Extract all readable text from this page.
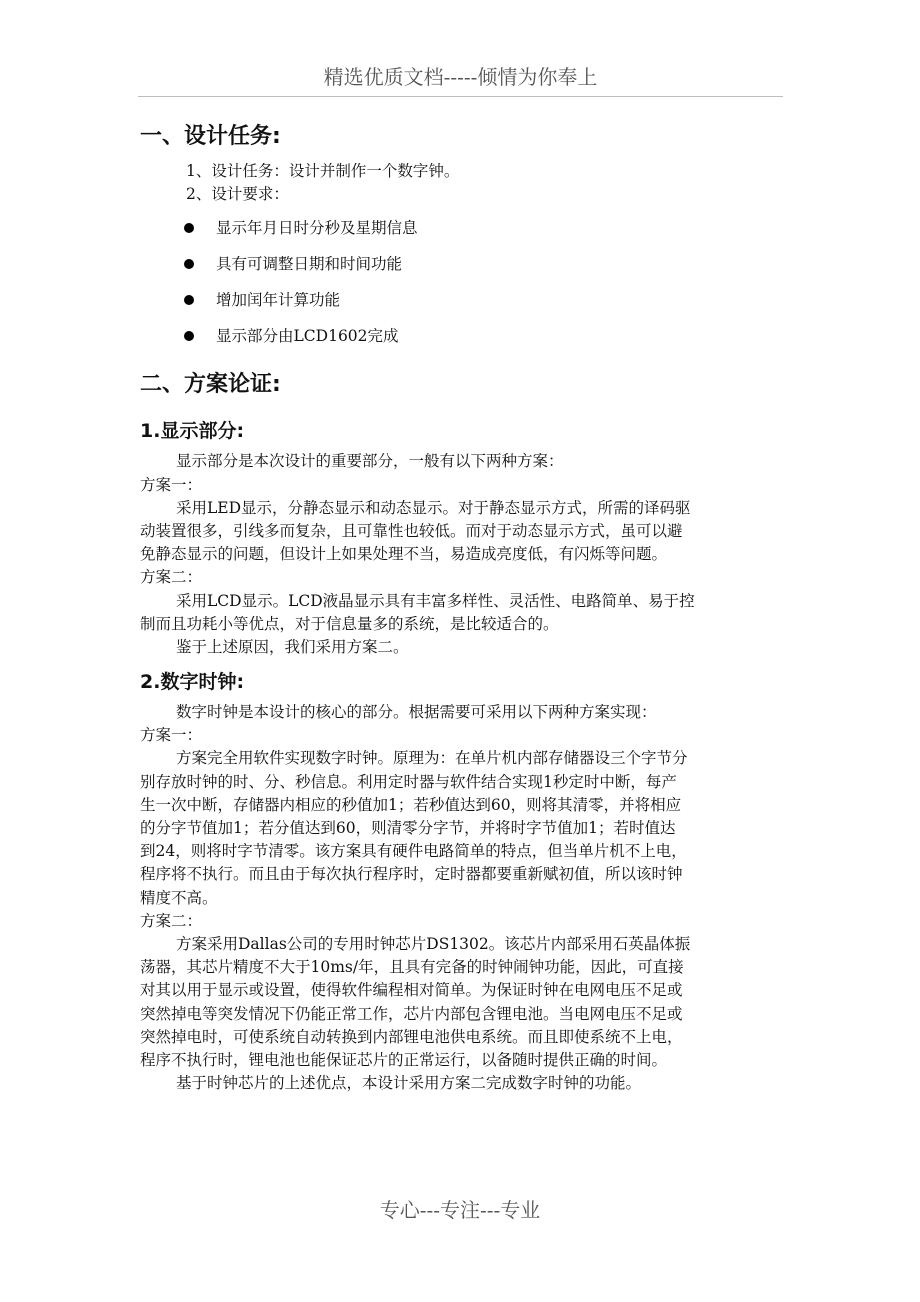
精选优质文档-----倾情为你奉上
一、设计任务:
1、设计任务：设计并制作一个数字钟。
2、设计要求：
显示年月日时分秒及星期信息
具有可调整日期和时间功能
增加闰年计算功能
显示部分由LCD1602完成
二、方案论证:
1.显示部分:
显示部分是本次设计的重要部分，一般有以下两种方案：
方案一：
采用LED显示，分静态显示和动态显示。对于静态显示方式，所需的译码驱
动装置很多，引线多而复杂，且可靠性也较低。而对于动态显示方式，虽可以避
免静态显示的问题，但设计上如果处理不当，易造成亮度低，有闪烁等问题。
方案二：
采用LCD显示。LCD液晶显示具有丰富多样性、灵活性、电路简单、易于控
制而且功耗小等优点，对于信息量多的系统，是比较适合的。
鉴于上述原因，我们采用方案二。
2.数字时钟:
数字时钟是本设计的核心的部分。根据需要可采用以下两种方案实现：
方案一：
方案完全用软件实现数字时钟。原理为：在单片机内部存储器设三个字节分
别存放时钟的时、分、秒信息。利用定时器与软件结合实现1秒定时中断，每产
生一次中断，存储器内相应的秒值加1；若秒值达到60，则将其清零，并将相应
的分字节值加1；若分值达到60，则清零分字节，并将时字节值加1；若时值达
到24，则将时字节清零。该方案具有硬件电路简单的特点，但当单片机不上电，
程序将不执行。而且由于每次执行程序时，定时器都要重新赋初值，所以该时钟
精度不高。
方案二：
方案采用Dallas公司的专用时钟芯片DS1302。该芯片内部采用石英晶体振
荡器，其芯片精度不大于10ms/年，且具有完备的时钟闹钟功能，因此，可直接
对其以用于显示或设置，使得软件编程相对简单。为保证时钟在电网电压不足或
突然掉电等突发情况下仍能正常工作，芯片内部包含锂电池。当电网电压不足或
突然掉电时，可使系统自动转换到内部锂电池供电系统。而且即使系统不上电，
程序不执行时，锂电池也能保证芯片的正常运行，以备随时提供正确的时间。
基于时钟芯片的上述优点，本设计采用方案二完成数字时钟的功能。
专心---专注---专业
